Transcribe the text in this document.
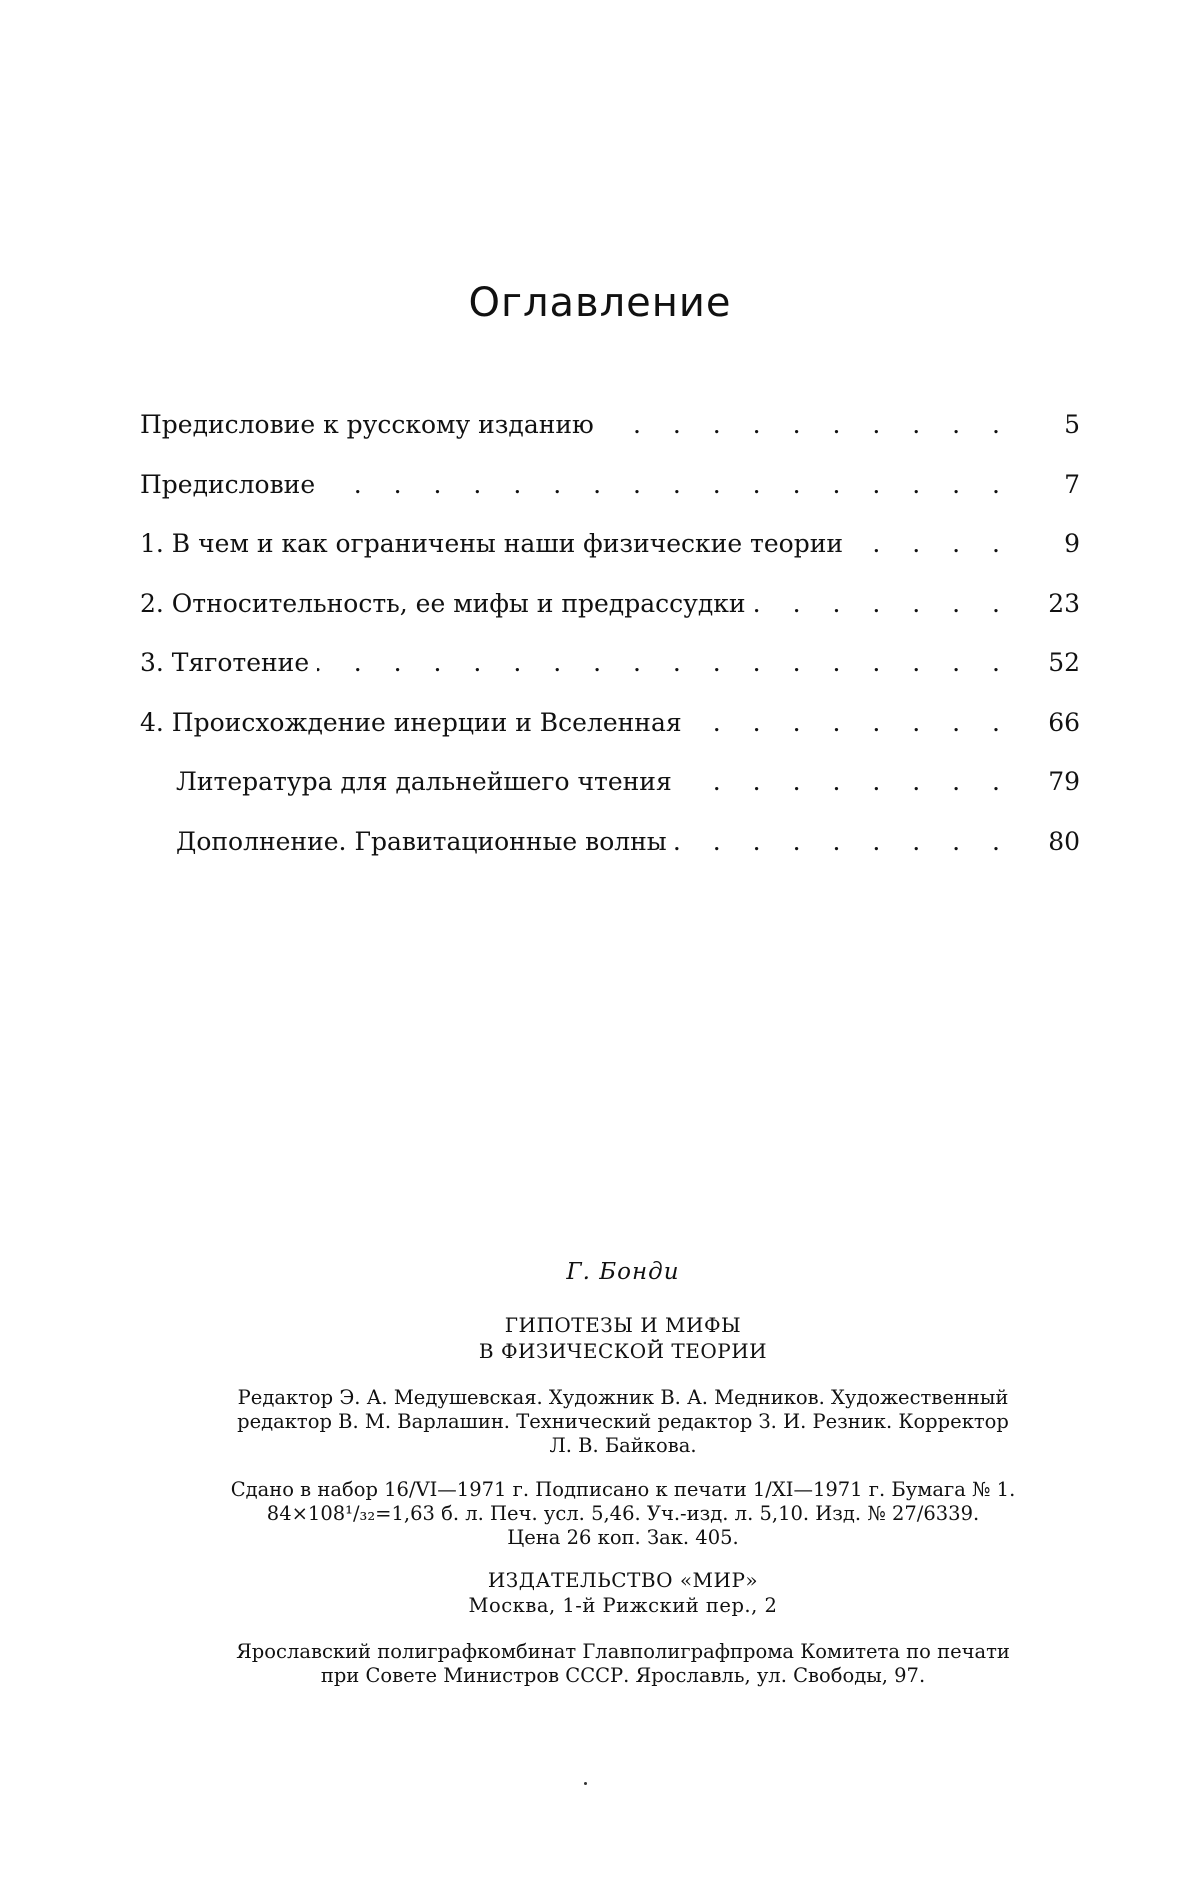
Оглавление
Предисловие к русскому изданию . . .	5
Предисловие . . .	7
1. В чем и как ограничены наши физические теории . . .	9
2. Относительность, ее мифы и предрассудки . . .	23
3. Тяготение . . .	52
4. Происхождение инерции и Вселенная . . .	66
Литература для дальнейшего чтения . . .	79
Дополнение. Гравитационные волны . . .	80
Г. Бонди
ГИПОТЕЗЫ И МИФЫ
В ФИЗИЧЕСКОЙ ТЕОРИИ
Редактор Э. А. Медушевская. Художник В. А. Медников. Художественный
редактор В. М. Варлашин. Технический редактор З. И. Резник. Корректор
Л. В. Байкова.
Сдано в набор 16/VI—1971 г. Подписано к печати 1/XI—1971 г. Бумага № 1.
84×108¹/₃₂=1,63 б. л. Печ. усл. 5,46. Уч.-изд. л. 5,10. Изд. № 27/6339.
Цена 26 коп. Зак. 405.
ИЗДАТЕЛЬСТВО «МИР»
Москва, 1-й Рижский пер., 2
Ярославский полиграфкомбинат Главполиграфпрома Комитета по печати
при Совете Министров СССР. Ярославль, ул. Свободы, 97.
